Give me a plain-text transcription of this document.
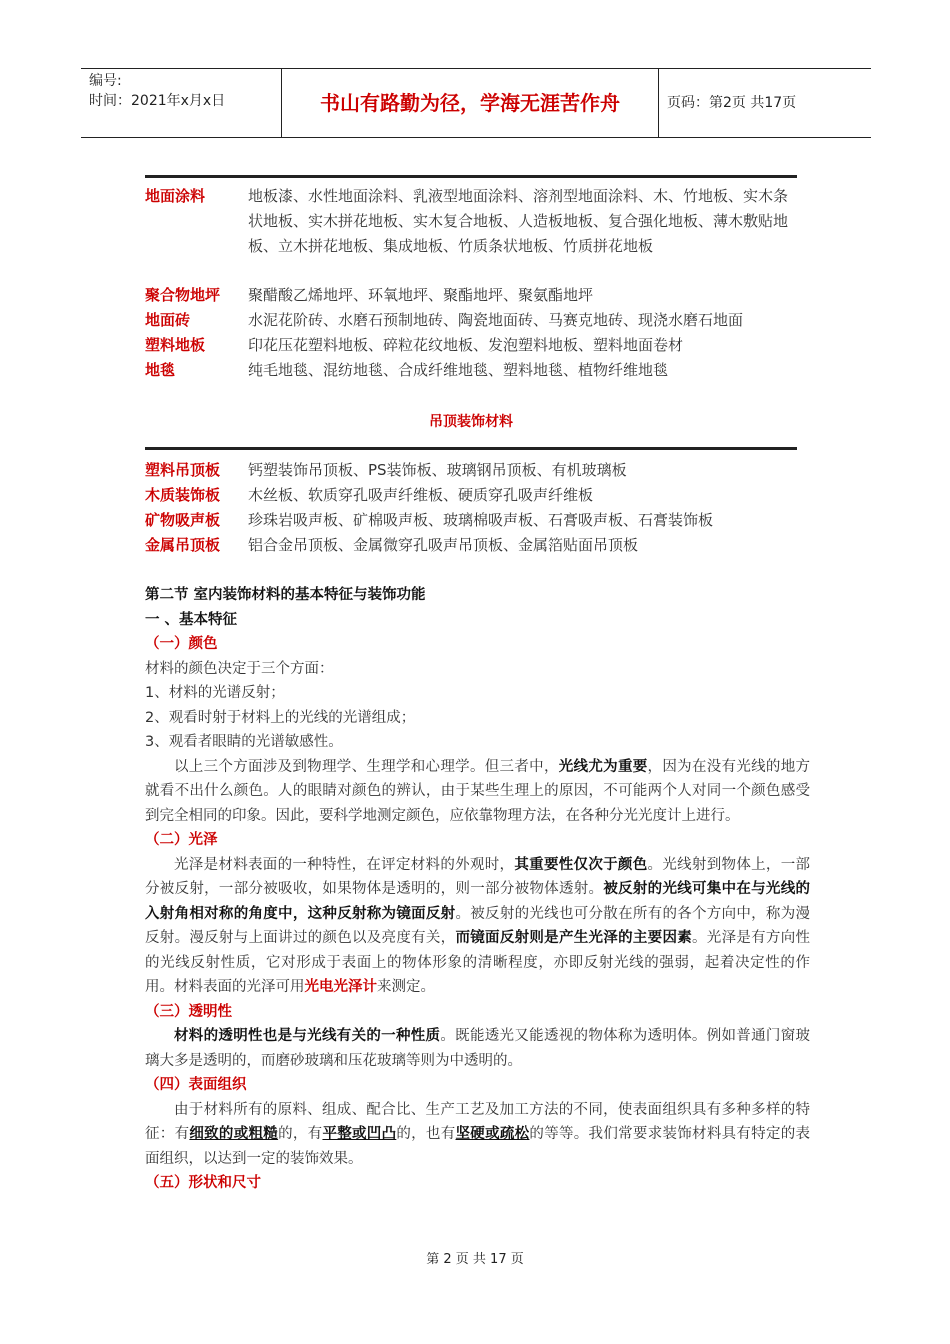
编号:
时间：2021年x月x日	书山有路勤为径，学海无涯苦作舟	页码：第2页 共17页
地面涂料	地板漆、水性地面涂料、乳液型地面涂料、溶剂型地面涂料、木、竹地板、实木条状地板、实木拼花地板、实木复合地板、人造板地板、复合强化地板、薄木敷贴地板、立木拼花地板、集成地板、竹质条状地板、竹质拼花地板
聚合物地坪 聚醋酸乙烯地坪、环氧地坪、聚酯地坪、聚氨酯地坪
地面砖	水泥花阶砖、水磨石预制地砖、陶瓷地面砖、马赛克地砖、现浇水磨石地面
塑料地板	印花压花塑料地板、碎粒花纹地板、发泡塑料地板、塑料地面卷材
地毯	纯毛地毯、混纺地毯、合成纤维地毯、塑料地毯、植物纤维地毯
吊顶装饰材料
塑料吊顶板 钙塑装饰吊顶板、PS装饰板、玻璃钢吊顶板、有机玻璃板
木质装饰板 木丝板、软质穿孔吸声纤维板、硬质穿孔吸声纤维板
矿物吸声板 珍珠岩吸声板、矿棉吸声板、玻璃棉吸声板、石膏吸声板、石膏装饰板
金属吊顶板 铝合金吊顶板、金属微穿孔吸声吊顶板、金属箔贴面吊顶板
第二节 室内装饰材料的基本特征与装饰功能
一 、基本特征
（一）颜色
材料的颜色决定于三个方面：
1、材料的光谱反射；
2、观看时射于材料上的光线的光谱组成；
3、观看者眼睛的光谱敏感性。

以上三个方面涉及到物理学、生理学和心理学。但三者中，光线尤为重要，因为在没有光线的地方就看不出什么颜色。人的眼睛对颜色的辨认，由于某些生理上的原因，不可能两个人对同一个颜色感受到完全相同的印象。因此，要科学地测定颜色，应依靠物理方法，在各种分光光度计上进行。

（二）光泽

光泽是材料表面的一种特性，在评定材料的外观时，其重要性仅次于颜色。光线射到物体上，一部分被反射，一部分被吸收，如果物体是透明的，则一部分被物体透射。被反射的光线可集中在与光线的入射角相对称的角度中，这种反射称为镜面反射。被反射的光线也可分散在所有的各个方向中，称为漫反射。漫反射与上面讲过的颜色以及亮度有关，而镜面反射则是产生光泽的主要因素。光泽是有方向性的光线反射性质，它对形成于表面上的物体形象的清晰程度，亦即反射光线的强弱，起着决定性的作用。材料表面的光泽可用光电光泽计来测定。

（三）透明性

材料的透明性也是与光线有关的一种性质。既能透光又能透视的物体称为透明体。例如普通门窗玻璃大多是透明的，而磨砂玻璃和压花玻璃等则为中透明的。

（四）表面组织

由于材料所有的原料、组成、配合比、生产工艺及加工方法的不同，使表面组织具有多种多样的特征：有细致的或粗糙的，有平整或凹凸的，也有坚硬或疏松的等等。我们常要求装饰材料具有特定的表面组织，以达到一定的装饰效果。

（五）形状和尺寸
第 2 页 共 17 页
